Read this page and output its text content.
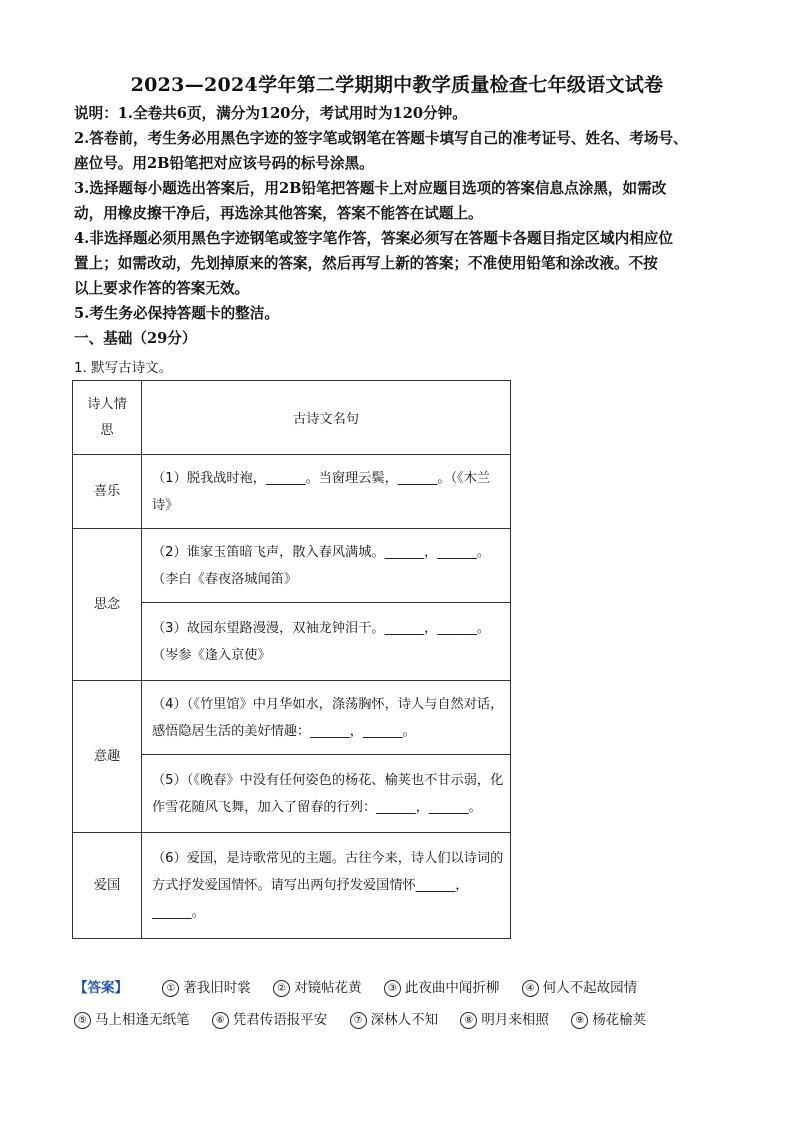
2023—2024学年第二学期期中教学质量检查七年级语文试卷
说明：1.全卷共6页，满分为120分，考试用时为120分钟。
2.答卷前，考生务必用黑色字迹的签字笔或钢笔在答题卡填写自己的准考证号、姓名、考场号、
座位号。用2B铅笔把对应该号码的标号涂黑。
3.选择题每小题选出答案后，用2B铅笔把答题卡上对应题目选项的答案信息点涂黑，如需改
动，用橡皮擦干净后，再选涂其他答案，答案不能答在试题上。
4.非选择题必须用黑色字迹钢笔或签字笔作答，答案必须写在答题卡各题目指定区域内相应位
置上；如需改动，先划掉原来的答案，然后再写上新的答案；不准使用铅笔和涂改液。不按
以上要求作答的答案无效。
5.考生务必保持答题卡的整洁。
一、基础（29分）
1. 默写古诗文。
诗人情思	古诗文名句
喜乐	（1）脱我战时袍，______。当窗理云鬓，______。（《木兰诗》
思念	（2）谁家玉笛暗飞声，散入春风满城。______，______。（李白《春夜洛城闻笛》
	（3）故园东望路漫漫，双袖龙钟泪干。______，______。（岑参《逢入京使》
意趣	（4）（《竹里馆》中月华如水，涤荡胸怀，诗人与自然对话，感悟隐居生活的美好情趣：______，______。
	（5）（《晚春》中没有任何姿色的杨花、榆荚也不甘示弱，化作雪花随风飞舞，加入了留春的行列：______，______。
爱国	（6）爱国，是诗歌常见的主题。古往今来，诗人们以诗词的方式抒发爱国情怀。请写出两句抒发爱国情怀______，______。
【答案】	① 著我旧时裳	② 对镜帖花黄	③ 此夜曲中闻折柳	④ 何人不起故园情
⑤ 马上相逢无纸笔	⑥ 凭君传语报平安	⑦ 深林人不知	⑧ 明月来相照	⑨ 杨花榆荚
